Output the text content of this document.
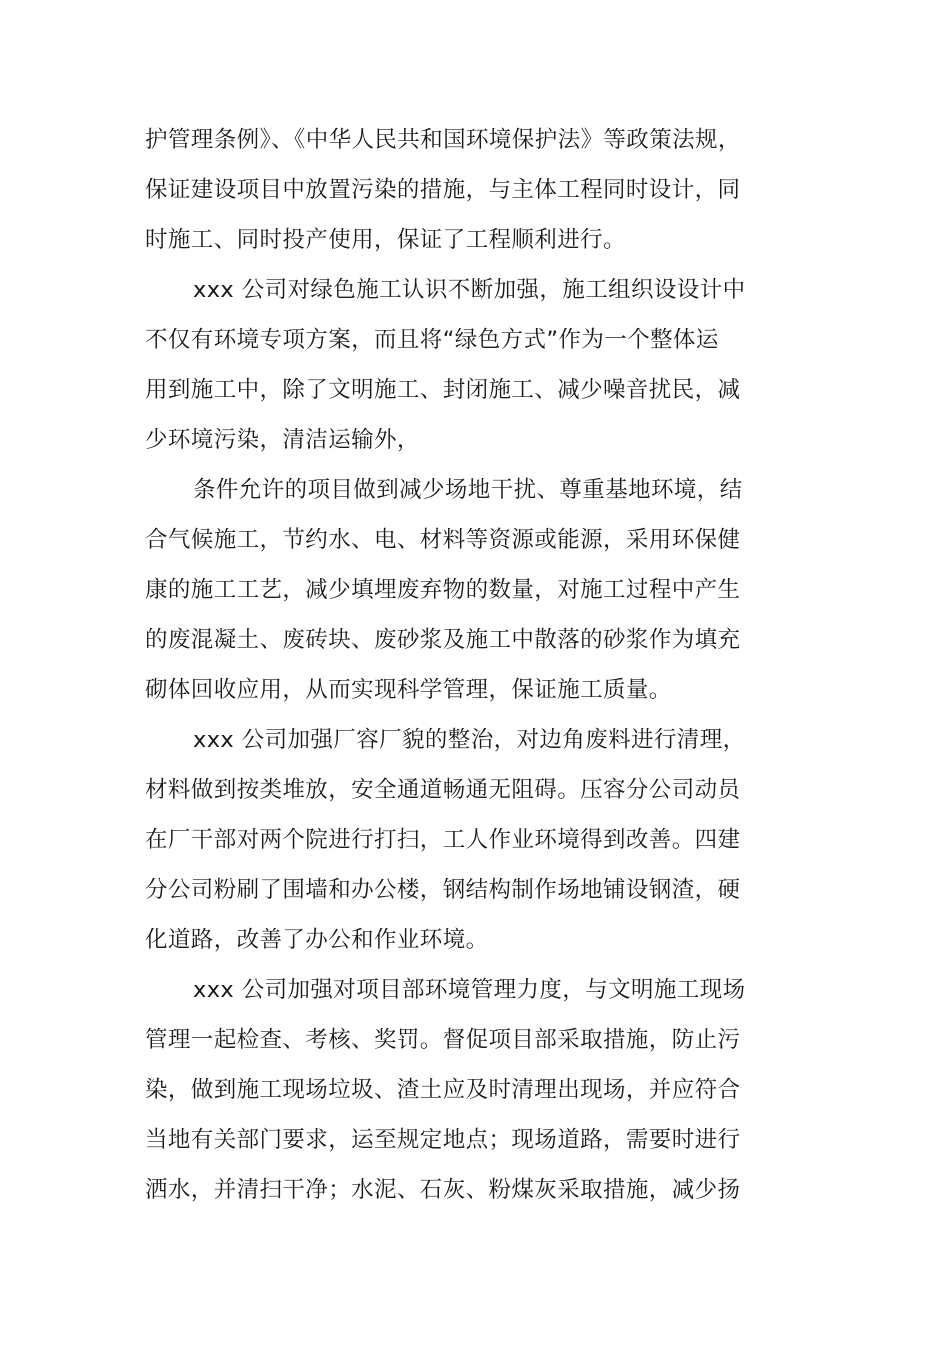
护管理条例》、《中华人民共和国环境保护法》等政策法规，
保证建设项目中放置污染的措施，与主体工程同时设计，同
时施工、同时投产使用，保证了工程顺利进行。
xxx 公司对绿色施工认识不断加强，施工组织设设计中
不仅有环境专项方案，而且将“绿色方式”作为一个整体运
用到施工中，除了文明施工、封闭施工、减少噪音扰民，减
少环境污染，清洁运输外，
条件允许的项目做到减少场地干扰、尊重基地环境，结
合气候施工，节约水、电、材料等资源或能源，采用环保健
康的施工工艺，减少填埋废弃物的数量，对施工过程中产生
的废混凝土、废砖块、废砂浆及施工中散落的砂浆作为填充
砌体回收应用，从而实现科学管理，保证施工质量。
xxx 公司加强厂容厂貌的整治，对边角废料进行清理，
材料做到按类堆放，安全通道畅通无阻碍。压容分公司动员
在厂干部对两个院进行打扫，工人作业环境得到改善。四建
分公司粉刷了围墙和办公楼，钢结构制作场地铺设钢渣，硬
化道路，改善了办公和作业环境。
xxx 公司加强对项目部环境管理力度，与文明施工现场
管理一起检查、考核、奖罚。督促项目部采取措施，防止污
染，做到施工现场垃圾、渣土应及时清理出现场，并应符合
当地有关部门要求，运至规定地点；现场道路，需要时进行
洒水，并清扫干净；水泥、石灰、粉煤灰采取措施，减少扬
